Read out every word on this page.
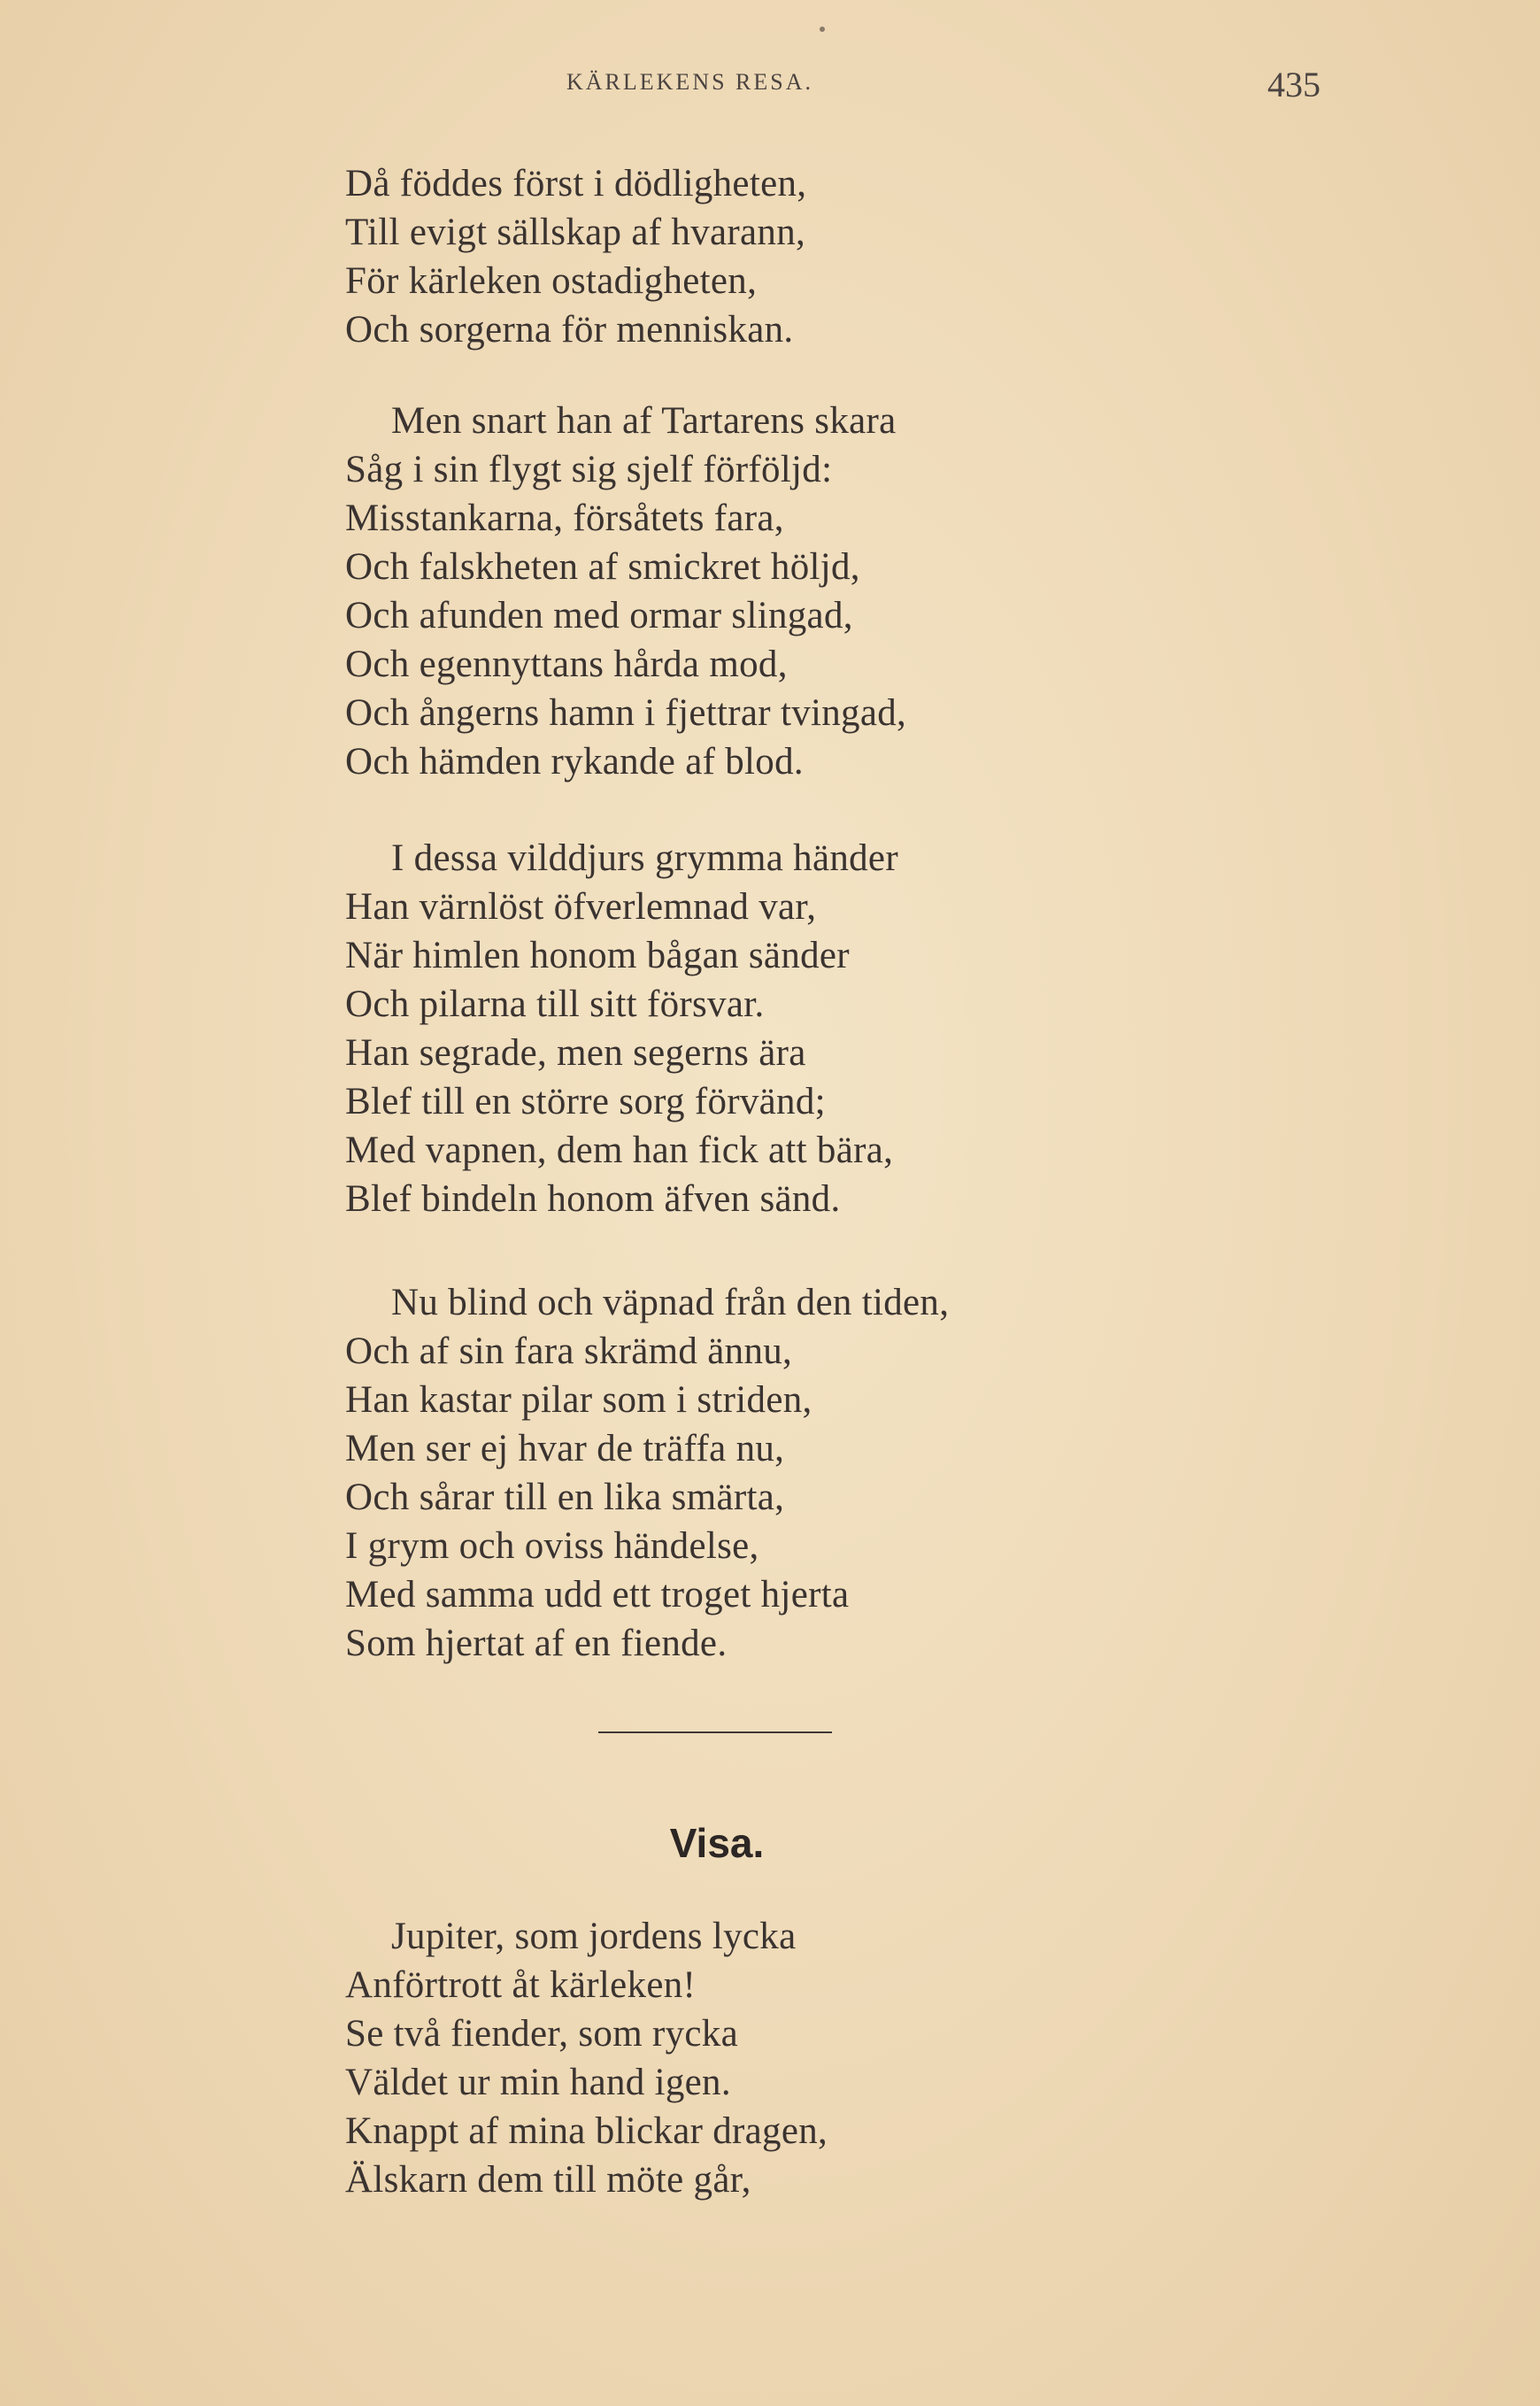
KÄRLEKENS RESA.	435
Då föddes först i dödligheten,
Till evigt sällskap af hvarann,
För kärleken ostadigheten,
Och sorgerna för menniskan.
Men snart han af Tartarens skara
Såg i sin flygt sig sjelf förföljd:
Misstankarna, försåtets fara,
Och falskheten af smickret höljd,
Och afunden med ormar slingad,
Och egennyttans hårda mod,
Och ångerns hamn i fjettrar tvingad,
Och hämden rykande af blod.
I dessa vilddjurs grymma händer
Han värnlöst öfverlemnad var,
När himlen honom bågan sänder
Och pilarna till sitt försvar.
Han segrade, men segerns ära
Blef till en större sorg förvänd;
Med vapnen, dem han fick att bära,
Blef bindeln honom äfven sänd.
Nu blind och väpnad från den tiden,
Och af sin fara skrämd ännu,
Han kastar pilar som i striden,
Men ser ej hvar de träffa nu,
Och sårar till en lika smärta,
I grym och oviss händelse,
Med samma udd ett troget hjerta
Som hjertat af en fiende.
Visa.
Jupiter, som jordens lycka
Anförtrott åt kärleken!
Se två fiender, som rycka
Väldet ur min hand igen.
Knappt af mina blickar dragen,
Älskarn dem till möte går,
